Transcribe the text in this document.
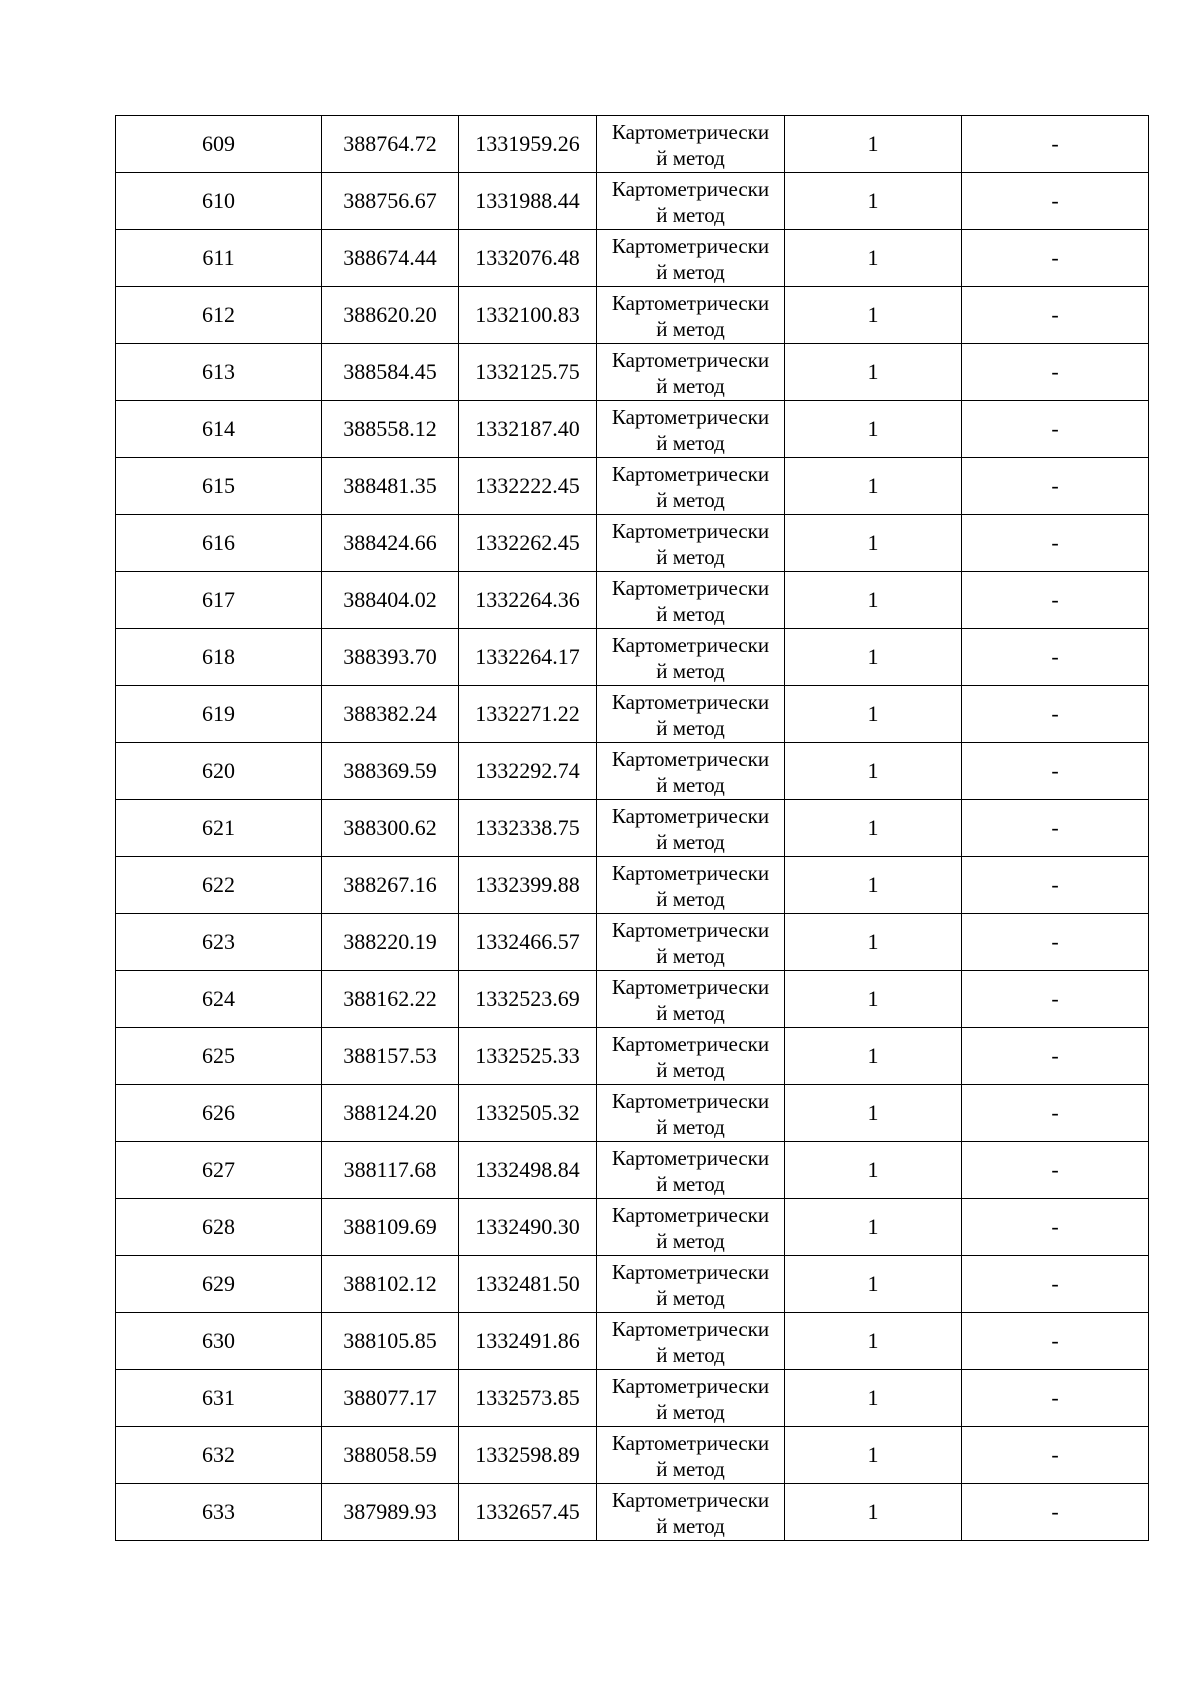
609	388764.72	1331959.26	Картометрически
й метод	1	-
610	388756.67	1331988.44	Картометрически
й метод	1	-
611	388674.44	1332076.48	Картометрически
й метод	1	-
612	388620.20	1332100.83	Картометрически
й метод	1	-
613	388584.45	1332125.75	Картометрически
й метод	1	-
614	388558.12	1332187.40	Картометрически
й метод	1	-
615	388481.35	1332222.45	Картометрически
й метод	1	-
616	388424.66	1332262.45	Картометрически
й метод	1	-
617	388404.02	1332264.36	Картометрически
й метод	1	-
618	388393.70	1332264.17	Картометрически
й метод	1	-
619	388382.24	1332271.22	Картометрически
й метод	1	-
620	388369.59	1332292.74	Картометрически
й метод	1	-
621	388300.62	1332338.75	Картометрически
й метод	1	-
622	388267.16	1332399.88	Картометрически
й метод	1	-
623	388220.19	1332466.57	Картометрически
й метод	1	-
624	388162.22	1332523.69	Картометрически
й метод	1	-
625	388157.53	1332525.33	Картометрически
й метод	1	-
626	388124.20	1332505.32	Картометрически
й метод	1	-
627	388117.68	1332498.84	Картометрически
й метод	1	-
628	388109.69	1332490.30	Картометрически
й метод	1	-
629	388102.12	1332481.50	Картометрически
й метод	1	-
630	388105.85	1332491.86	Картометрически
й метод	1	-
631	388077.17	1332573.85	Картометрически
й метод	1	-
632	388058.59	1332598.89	Картометрически
й метод	1	-
633	387989.93	1332657.45	Картометрически
й метод	1	-
